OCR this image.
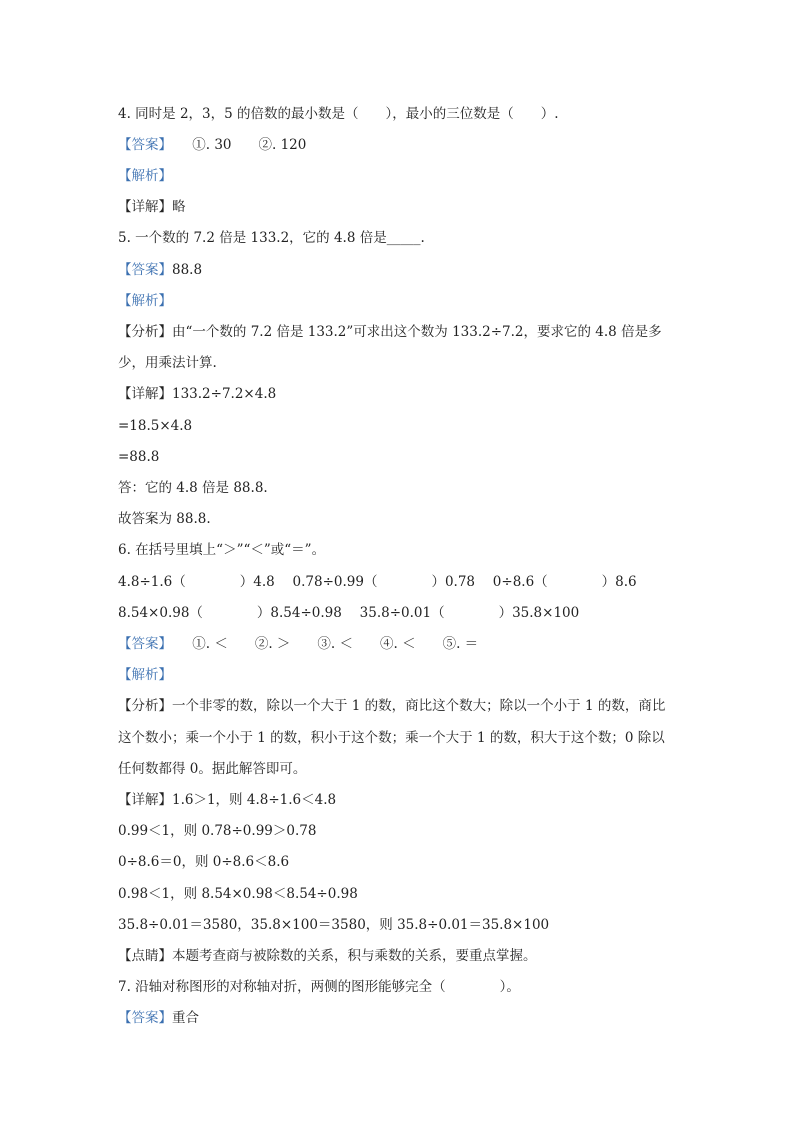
4. 同时是 2，3，5 的倍数的最小数是（　　），最小的三位数是（　　）.
【答案】　　①. 30　　②. 120
【解析】
【详解】略
5. 一个数的 7.2 倍是 133.2，它的 4.8 倍是_____.
【答案】88.8
【解析】
【分析】由“一个数的 7.2 倍是 133.2”可求出这个数为 133.2÷7.2，要求它的 4.8 倍是多
少，用乘法计算.
【详解】133.2÷7.2×4.8
=18.5×4.8
=88.8
答：它的 4.8 倍是 88.8.
故答案为 88.8.
6. 在括号里填上“＞”“＜”或“＝”。
4.8÷1.6（　　　　）4.8　 0.78÷0.99（　　　　）0.78　 0÷8.6（　　　　）8.6
8.54×0.98（　　　　）8.54÷0.98　 35.8÷0.01（　　　　）35.8×100
【答案】　　①. ＜　　②. ＞　　③. ＜　　④. ＜　　⑤. ＝
【解析】
【分析】一个非零的数，除以一个大于 1 的数，商比这个数大；除以一个小于 1 的数，商比
这个数小；乘一个小于 1 的数，积小于这个数；乘一个大于 1 的数，积大于这个数；0 除以
任何数都得 0。据此解答即可。
【详解】1.6＞1，则 4.8÷1.6＜4.8
0.99＜1，则 0.78÷0.99＞0.78
0÷8.6＝0，则 0÷8.6＜8.6
0.98＜1，则 8.54×0.98＜8.54÷0.98
35.8÷0.01＝3580，35.8×100＝3580，则 35.8÷0.01＝35.8×100
【点睛】本题考查商与被除数的关系，积与乘数的关系，要重点掌握。
7. 沿轴对称图形的对称轴对折，两侧的图形能够完全（　　　　）。
【答案】重合
